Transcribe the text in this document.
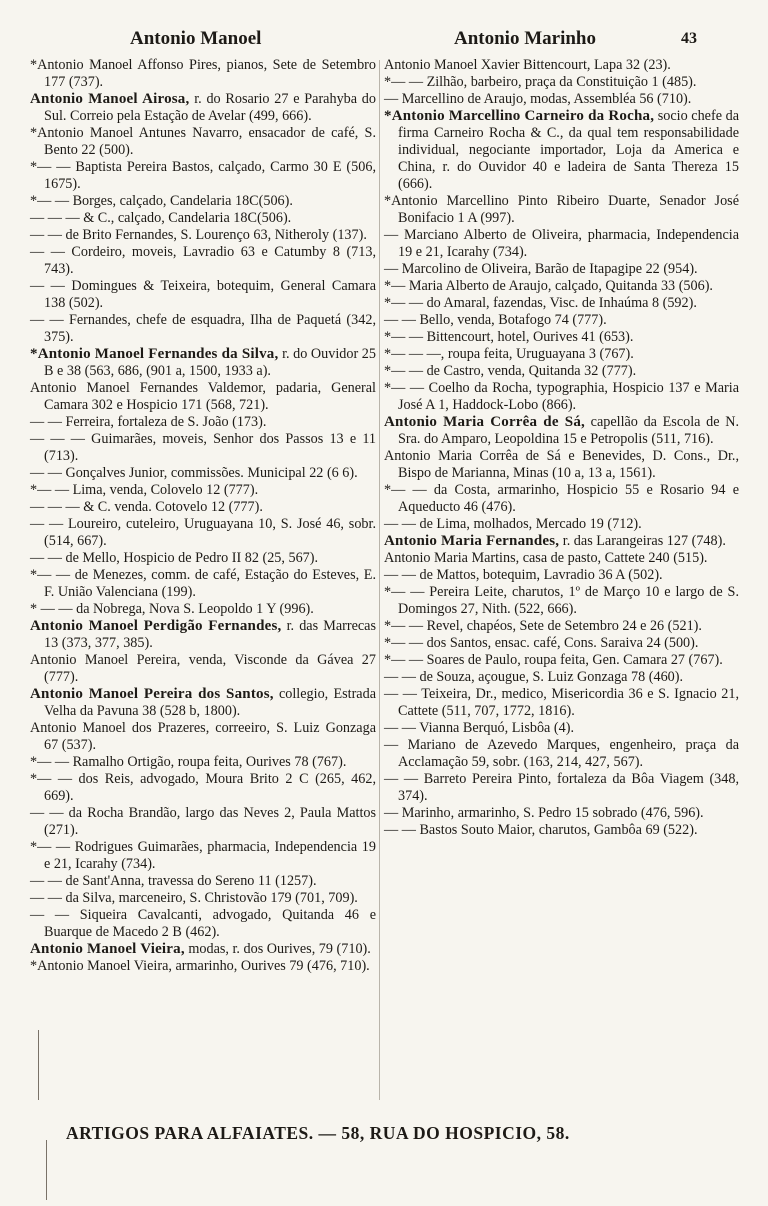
Antonio Manoel	Antonio Marinho	43

*Antonio Manoel Affonso Pires, pianos, Sete de Setembro 177 (737).

Antonio Manoel Airosa, r. do Rosario 27 e Parahyba do Sul. Correio pela Estação de Avelar (499, 666).

*Antonio Manoel Antunes Navarro, ensacador de café, S. Bento 22 (500).

*— — Baptista Pereira Bastos, calçado, Carmo 30 E (506, 1675).

*— — Borges, calçado, Candelaria 18C(506).

— — — & C., calçado, Candelaria 18C(506).

— — de Brito Fernandes, S. Lourenço 63, Nitheroly (137).

— — Cordeiro, moveis, Lavradio 63 e Catumby 8 (713, 743).

— — Domingues & Teixeira, botequim, General Camara 138 (502).

— — Fernandes, chefe de esquadra, Ilha de Paquetá (342, 375).

*Antonio Manoel Fernandes da Silva, r. do Ouvidor 25 B e 38 (563, 686, (901 a, 1500, 1933 a).

Antonio Manoel Fernandes Valdemor, padaria, General Camara 302 e Hospicio 171 (568, 721).

— — Ferreira, fortaleza de S. João (173).

— — — Guimarães, moveis, Senhor dos Passos 13 e 11 (713).

— — Gonçalves Junior, commissões. Municipal 22 (6 6).

*— — Lima, venda, Colovelo 12 (777).

— — — & C. venda. Cotovelo 12 (777).

— — Loureiro, cuteleiro, Uruguayana 10, S. José 46, sobr. (514, 667).

— — de Mello, Hospicio de Pedro II 82 (25, 567).

*— — de Menezes, comm. de café, Estação do Esteves, E. F. União Valenciana (199).

* — — da Nobrega, Nova S. Leopoldo 1 Y (996).

Antonio Manoel Perdigão Fernandes, r. das Marrecas 13 (373, 377, 385).

Antonio Manoel Pereira, venda, Visconde da Gávea 27 (777).

Antonio Manoel Pereira dos Santos, collegio, Estrada Velha da Pavuna 38 (528 b, 1800).

Antonio Manoel dos Prazeres, correeiro, S. Luiz Gonzaga 67 (537).

*— — Ramalho Ortigão, roupa feita, Ourives 78 (767).

*— — dos Reis, advogado, Moura Brito 2 C (265, 462, 669).

— — da Rocha Brandão, largo das Neves 2, Paula Mattos (271).

*— — Rodrigues Guimarães, pharmacia, Independencia 19 e 21, Icarahy (734).

— — de Sant'Anna, travessa do Sereno 11 (1257).

— — da Silva, marceneiro, S. Christovão 179 (701, 709).

— — Siqueira Cavalcanti, advogado, Quitanda 46 e Buarque de Macedo 2 B (462).

Antonio Manoel Vieira, modas, r. dos Ourives, 79 (710).

*Antonio Manoel Vieira, armarinho, Ourives 79 (476, 710).

Antonio Manoel Xavier Bittencourt, Lapa 32 (23).

*— — Zilhão, barbeiro, praça da Constituição 1 (485).

— Marcellino de Araujo, modas, Assembléa 56 (710).

*Antonio Marcellino Carneiro da Rocha, socio chefe da firma Carneiro Rocha & C., da qual tem responsabilidade individual, negociante importador, Loja da America e China, r. do Ouvidor 40 e ladeira de Santa Thereza 15 (666).

*Antonio Marcellino Pinto Ribeiro Duarte, Senador José Bonifacio 1 A (997).

— Marciano Alberto de Oliveira, pharmacia, Independencia 19 e 21, Icarahy (734).

— Marcolino de Oliveira, Barão de Itapagipe 22 (954).

*— Maria Alberto de Araujo, calçado, Quitanda 33 (506).

*— — do Amaral, fazendas, Visc. de Inhaúma 8 (592).

— — Bello, venda, Botafogo 74 (777).

*— — Bittencourt, hotel, Ourives 41 (653).

*— — —, roupa feita, Uruguayana 3 (767).

*— — de Castro, venda, Quitanda 32 (777).

*— — Coelho da Rocha, typographia, Hospicio 137 e Maria José A 1, Haddock-Lobo (866).

Antonio Maria Corrêa de Sá, capellão da Escola de N. Sra. do Amparo, Leopoldina 15 e Petropolis (511, 716).

Antonio Maria Corrêa de Sá e Benevides, D. Cons., Dr., Bispo de Marianna, Minas (10 a, 13 a, 1561).

*— — da Costa, armarinho, Hospicio 55 e Rosario 94 e Aqueducto 46 (476).

— — de Lima, molhados, Mercado 19 (712).

Antonio Maria Fernandes, r. das Larangeiras 127 (748).

Antonio Maria Martins, casa de pasto, Cattete 240 (515).

— — de Mattos, botequim, Lavradio 36 A (502).

*— — Pereira Leite, charutos, 1º de Março 10 e largo de S. Domingos 27, Nith. (522, 666).

*— — Revel, chapéos, Sete de Setembro 24 e 26 (521).

*— — dos Santos, ensac. café, Cons. Saraiva 24 (500).

*— — Soares de Paulo, roupa feita, Gen. Camara 27 (767).

— — de Souza, açougue, S. Luiz Gonzaga 78 (460).

— — Teixeira, Dr., medico, Misericordia 36 e S. Ignacio 21, Cattete (511, 707, 1772, 1816).

— — Vianna Berquó, Lisbôa (4).

— Mariano de Azevedo Marques, engenheiro, praça da Acclamação 59, sobr. (163, 214, 427, 567).

— — Barreto Pereira Pinto, fortaleza da Bôa Viagem (348, 374).

— Marinho, armarinho, S. Pedro 15 sobrado (476, 596).

— — Bastos Souto Maior, charutos, Gambôa 69 (522).

ARTIGOS PARA ALFAIATES. — 58, RUA DO HOSPICIO, 58.
